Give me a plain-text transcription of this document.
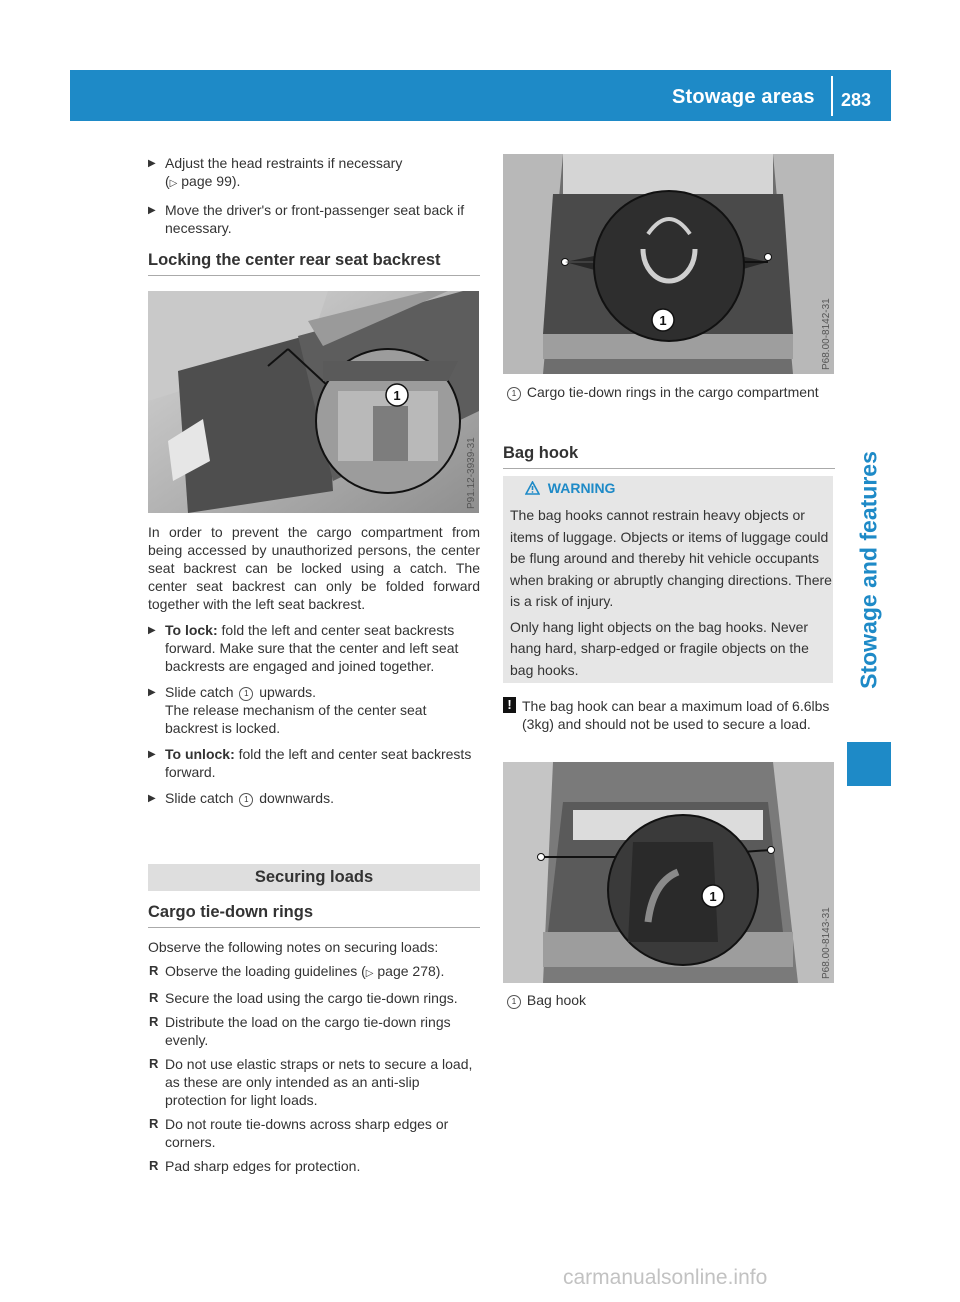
Stowage areas 283
Stowage and features
▶ Adjust the head restraints if necessary
(▷ page 99).
▶ Move the driver's or front-passenger seat back if necessary.
Locking the center rear seat backrest
1
P91.12-3939-31

In order to prevent the cargo compartment from being accessed by unauthorized persons, the center seat backrest can be locked using a catch. The center seat backrest can only be folded forward together with the left seat backrest.

▶ To lock: fold the left and center seat backrests forward. Make sure that the center and left seat backrests are engaged and joined together.
▶ Slide catch 1 upwards.
The release mechanism of the center seat backrest is locked.
▶ To unlock: fold the left and center seat backrests forward.
▶ Slide catch 1 downwards.
Securing loads
Cargo tie-down rings

Observe the following notes on securing loads:

R Observe the loading guidelines (▷ page 278).
R Secure the load using the cargo tie-down rings.
R Distribute the load on the cargo tie-down rings evenly.
R Do not use elastic straps or nets to secure a load, as these are only intended as an anti-slip protection for light loads.
R Do not route tie-downs across sharp edges or corners.
R Pad sharp edges for protection.
1	P68.00-8142-31
1 Cargo tie-down rings in the cargo compartment
Bag hook
WARNING

The bag hooks cannot restrain heavy objects or items of luggage. Objects or items of luggage could be flung around and thereby hit vehicle occupants when braking or abruptly changing directions. There is a risk of injury.

Only hang light objects on the bag hooks. Never hang hard, sharp-edged or fragile objects on the bag hooks.

! The bag hook can bear a maximum load of 6.6lbs (3kg) and should not be used to secure a load.
1
P68.00-8143-31
1 Bag hook
carmanualsonline.info
